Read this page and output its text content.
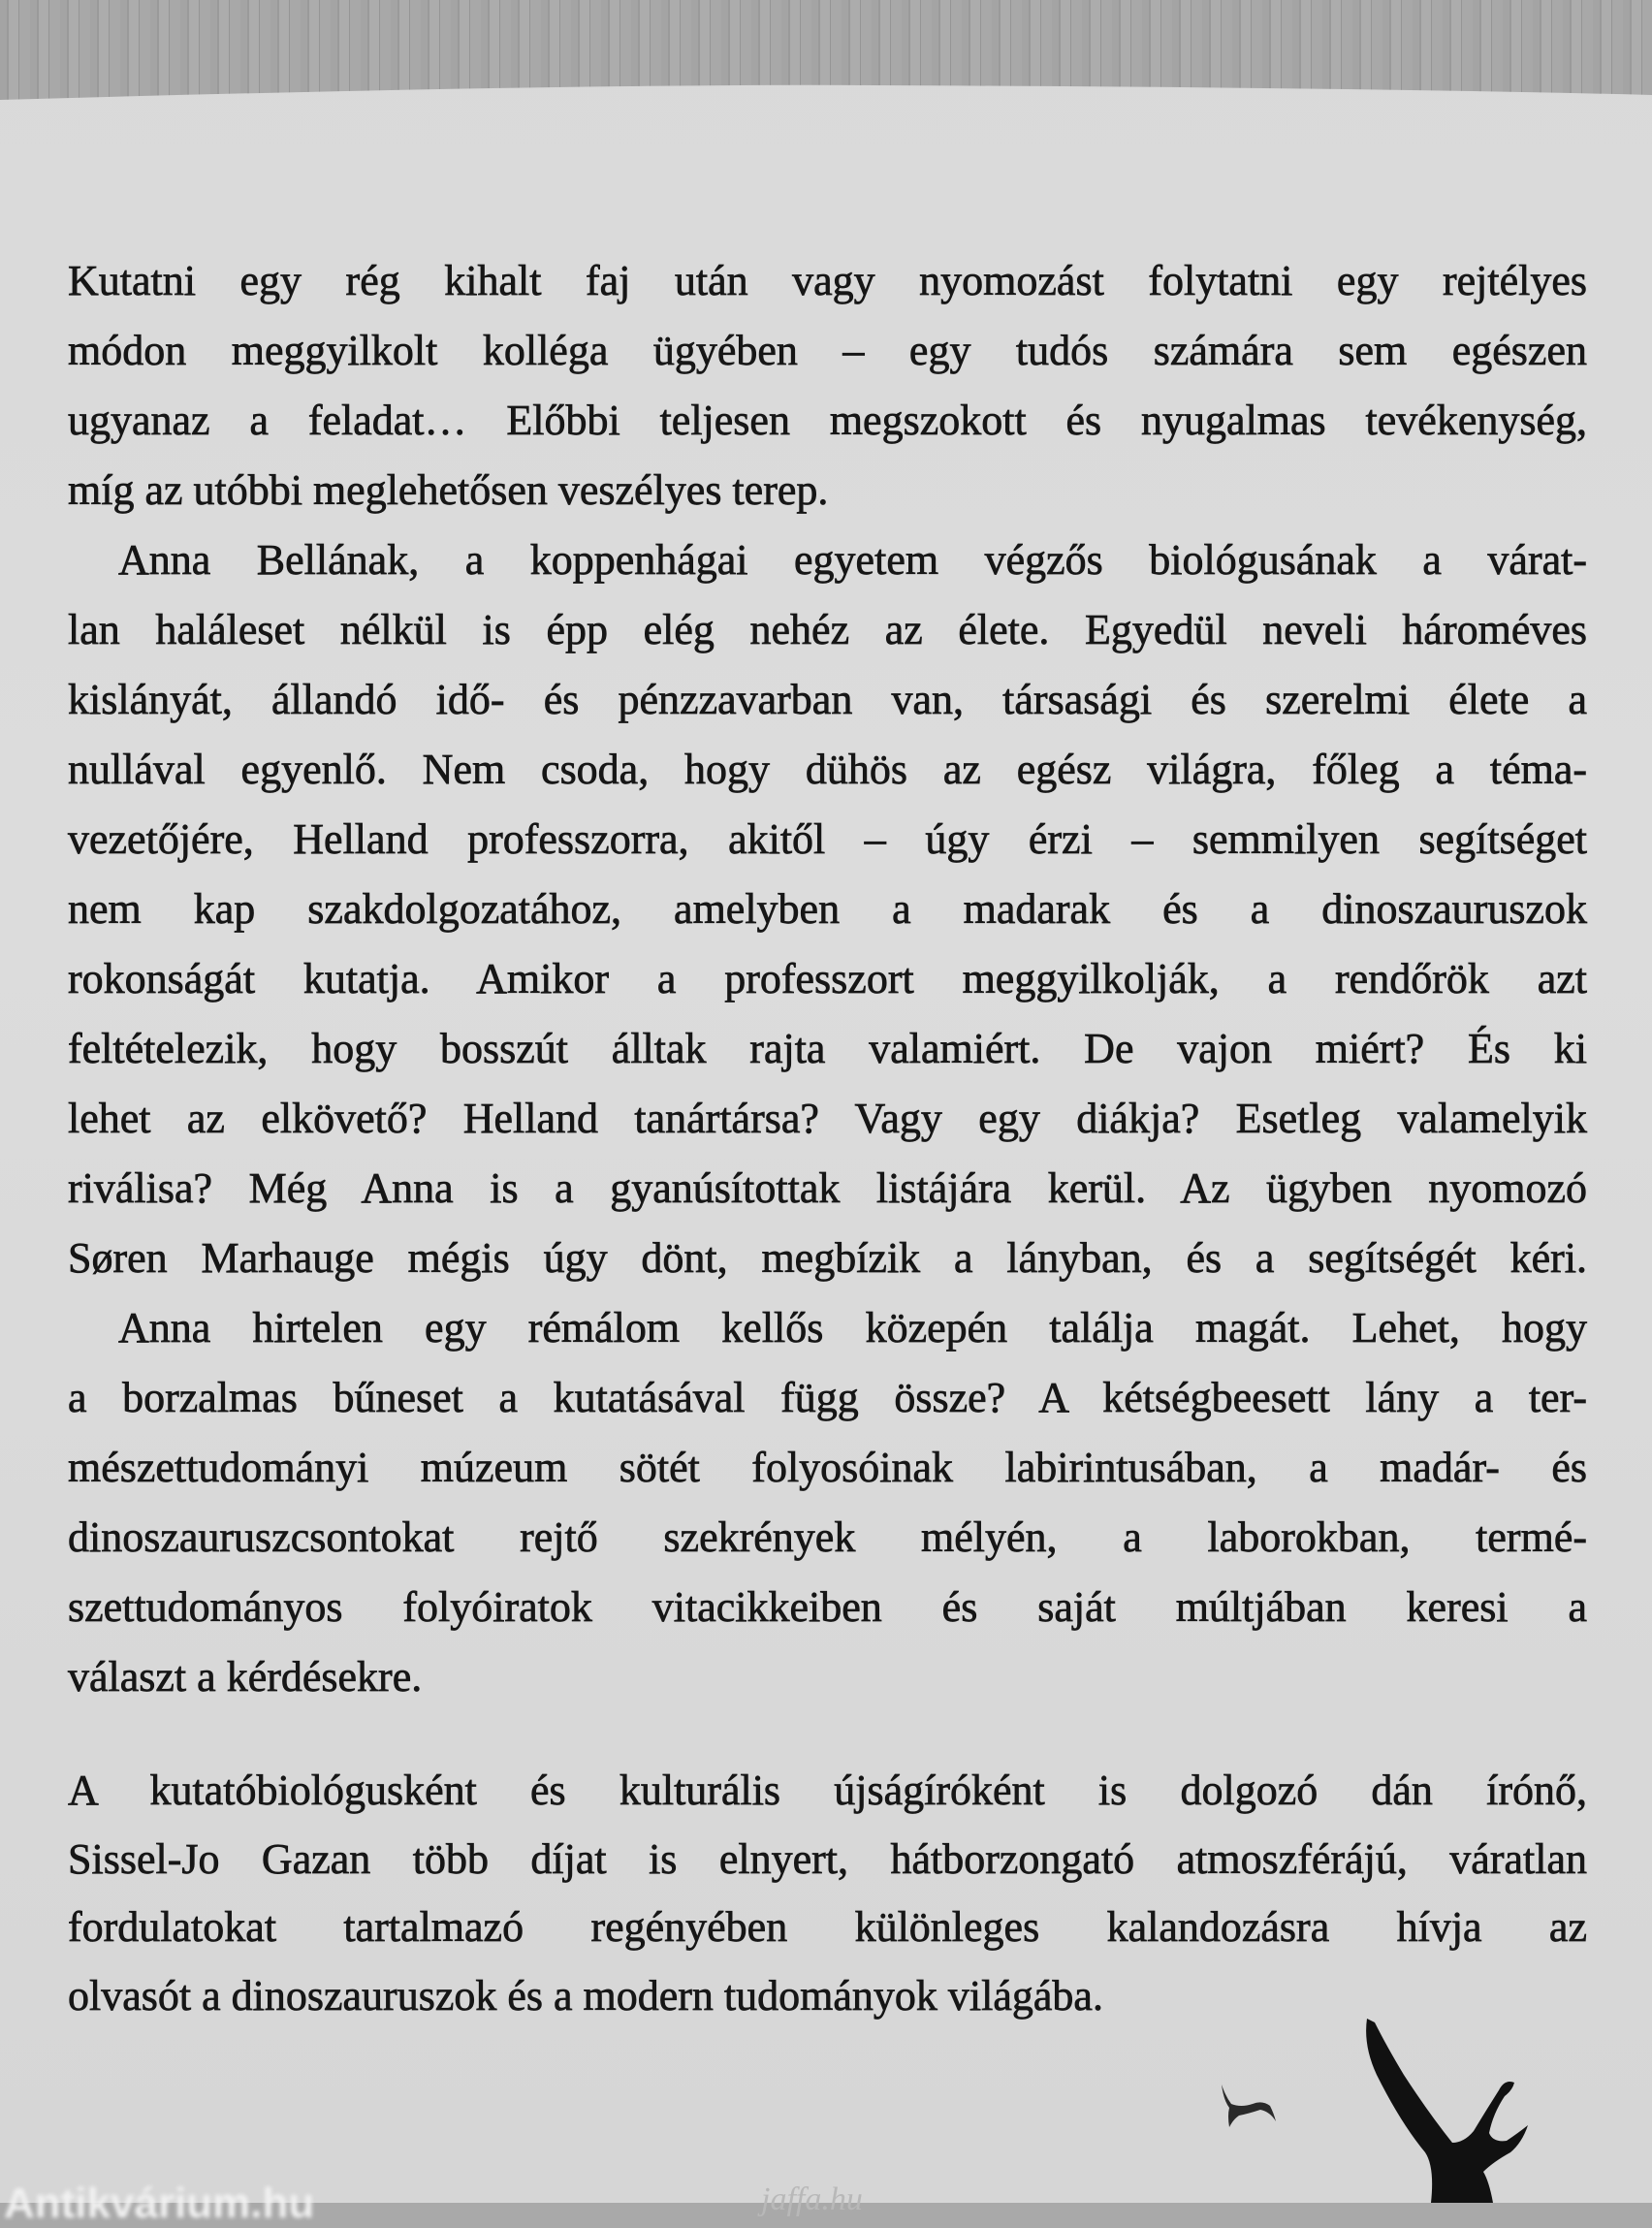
Kutatni egy rég kihalt faj után vagy nyomozást folytatni egy rejtélyes
módon meggyilkolt kolléga ügyében – egy tudós számára sem egészen
ugyanaz a feladat… Előbbi teljesen megszokott és nyugalmas tevékenység,
míg az utóbbi meglehetősen veszélyes terep.
Anna Bellának, a koppenhágai egyetem végzős biológusának a várat-
lan haláleset nélkül is épp elég nehéz az élete. Egyedül neveli hároméves
kislányát, állandó idő- és pénzzavarban van, társasági és szerelmi élete a
nullával egyenlő. Nem csoda, hogy dühös az egész világra, főleg a téma-
vezetőjére, Helland professzorra, akitől – úgy érzi – semmilyen segítséget
nem kap szakdolgozatához, amelyben a madarak és a dinoszauruszok
rokonságát kutatja. Amikor a professzort meggyilkolják, a rendőrök azt
feltételezik, hogy bosszút álltak rajta valamiért. De vajon miért? És ki
lehet az elkövető? Helland tanártársa? Vagy egy diákja? Esetleg valamelyik
riválisa? Még Anna is a gyanúsítottak listájára kerül. Az ügyben nyomozó
Søren Marhauge mégis úgy dönt, megbízik a lányban, és a segítségét kéri.
Anna hirtelen egy rémálom kellős közepén találja magát. Lehet, hogy
a borzalmas bűneset a kutatásával függ össze? A kétségbeesett lány a ter-
mészettudományi múzeum sötét folyosóinak labirintusában, a madár- és
dinoszauruszcsontokat rejtő szekrények mélyén, a laborokban, termé-
szettudományos folyóiratok vitacikkeiben és saját múltjában keresi a
választ a kérdésekre.
A kutatóbiológusként és kulturális újságíróként is dolgozó dán írónő,
Sissel-Jo Gazan több díjat is elnyert, hátborzongató atmoszférájú, váratlan
fordulatokat tartalmazó regényében különleges kalandozásra hívja az
olvasót a dinoszauruszok és a modern tudományok világába.
Antikvárium.hu	jaffa.hu
